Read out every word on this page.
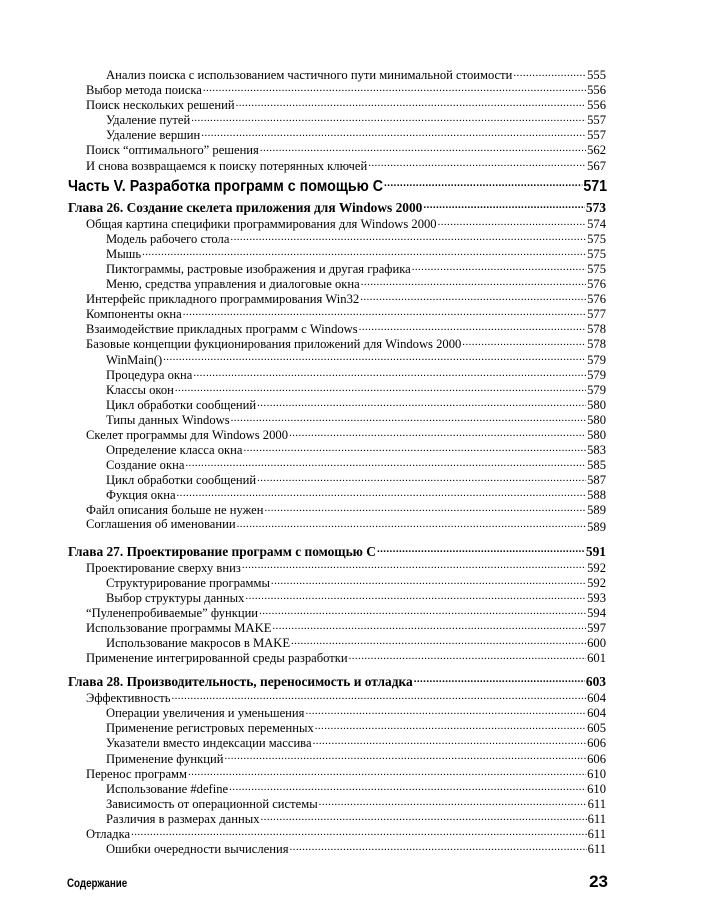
Анализ поиска с использованием частичного пути минимальной стоимости .....	555
Выбор метода поиска .....	556
Поиск нескольких решений .....	556
Удаление путей .....	557
Удаление вершин .....	557
Поиск “оптимального” решения .....	562
И снова возвращаемся к поиску потерянных ключей .....	567
Часть V. Разработка программ с помощью С .....	571
Глава 26. Создание скелета приложения для Windows 2000 .....	573
Общая картина специфики программирования для Windows 2000 .....	574
Модель рабочего стола .....	575
Мышь .....	575
Пиктограммы, растровые изображения и другая графика .....	575
Меню, средства управления и диалоговые окна .....	576
Интерфейс прикладного программирования Win32 .....	576
Компоненты окна .....	577
Взаимодействие прикладных программ с Windows .....	578
Базовые концепции фукционирования приложений для Windows 2000 .....	578
WinMain() .....	579
Процедура окна .....	579
Классы окон .....	579
Цикл обработки сообщений .....	580
Типы данных Windows .....	580
Скелет программы для Windows 2000 .....	580
Определение класса окна .....	583
Создание окна .....	585
Цикл обработки сообщений .....	587
Фукция окна .....	588
Файл описания больше не нужен .....	589
Соглашения об именовании .....	589
Глава 27. Проектирование программ с помощью С .....	591
Проектирование сверху вниз .....	592
Структурирование программы .....	592
Выбор структуры данных .....	593
“Пуленепробиваемые” функции .....	594
Использование программы MAKE .....	597
Использование макросов в MAKE .....	600
Применение интегрированной среды разработки .....	601
Глава 28. Производительность, переносимость и отладка .....	603
Эффективность .....	604
Операции увеличения и уменьшения .....	604
Применение регистровых переменных .....	605
Указатели вместо индексации массива .....	606
Применение функций .....	606
Перенос программ .....	610
Использование #define .....	610
Зависимость от операционной системы .....	611
Различия в размерах данных .....	611
Отладка .....	611
Ошибки очередности вычисления .....	611
Содержание	23
